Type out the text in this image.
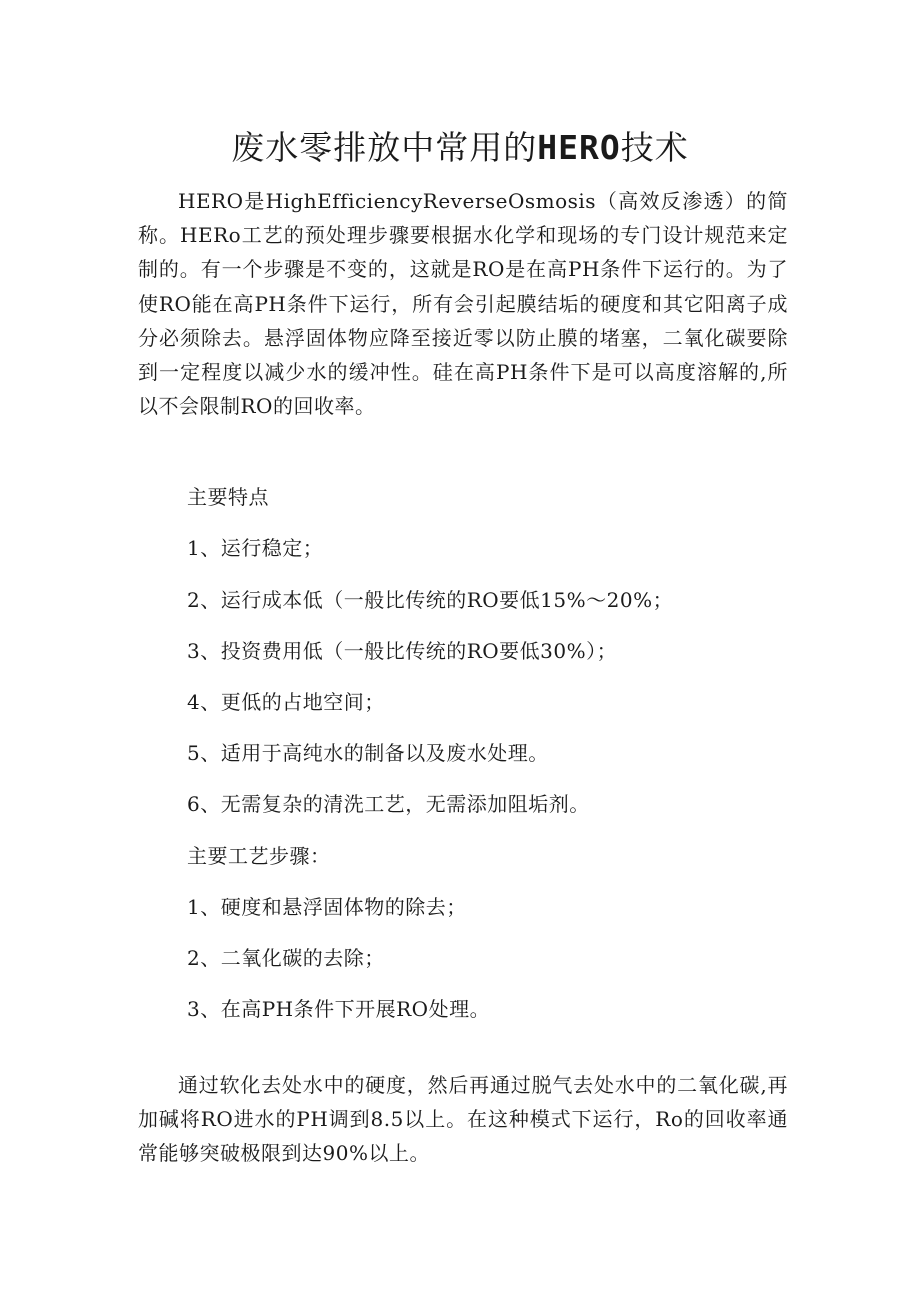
废水零排放中常用的HERO技术

HERO是HighEfficiencyReverseOsmosis（高效反渗透）的简称。HERo工艺的预处理步骤要根据水化学和现场的专门设计规范来定制的。有一个步骤是不变的，这就是RO是在高PH条件下运行的。为了使RO能在高PH条件下运行，所有会引起膜结垢的硬度和其它阳离子成分必须除去。悬浮固体物应降至接近零以防止膜的堵塞，二氧化碳要除到一定程度以减少水的缓冲性。硅在高PH条件下是可以高度溶解的,所以不会限制RO的回收率。

主要特点
1、运行稳定；
2、运行成本低（一般比传统的RO要低15%～20%；
3、投资费用低（一般比传统的RO要低30%）；
4、更低的占地空间；
5、适用于高纯水的制备以及废水处理。
6、无需复杂的清洗工艺，无需添加阻垢剂。
主要工艺步骤：
1、硬度和悬浮固体物的除去；
2、二氧化碳的去除；
3、在高PH条件下开展RO处理。

通过软化去处水中的硬度，然后再通过脱气去处水中的二氧化碳,再加碱将RO进水的PH调到8.5以上。在这种模式下运行，Ro的回收率通常能够突破极限到达90%以上。
